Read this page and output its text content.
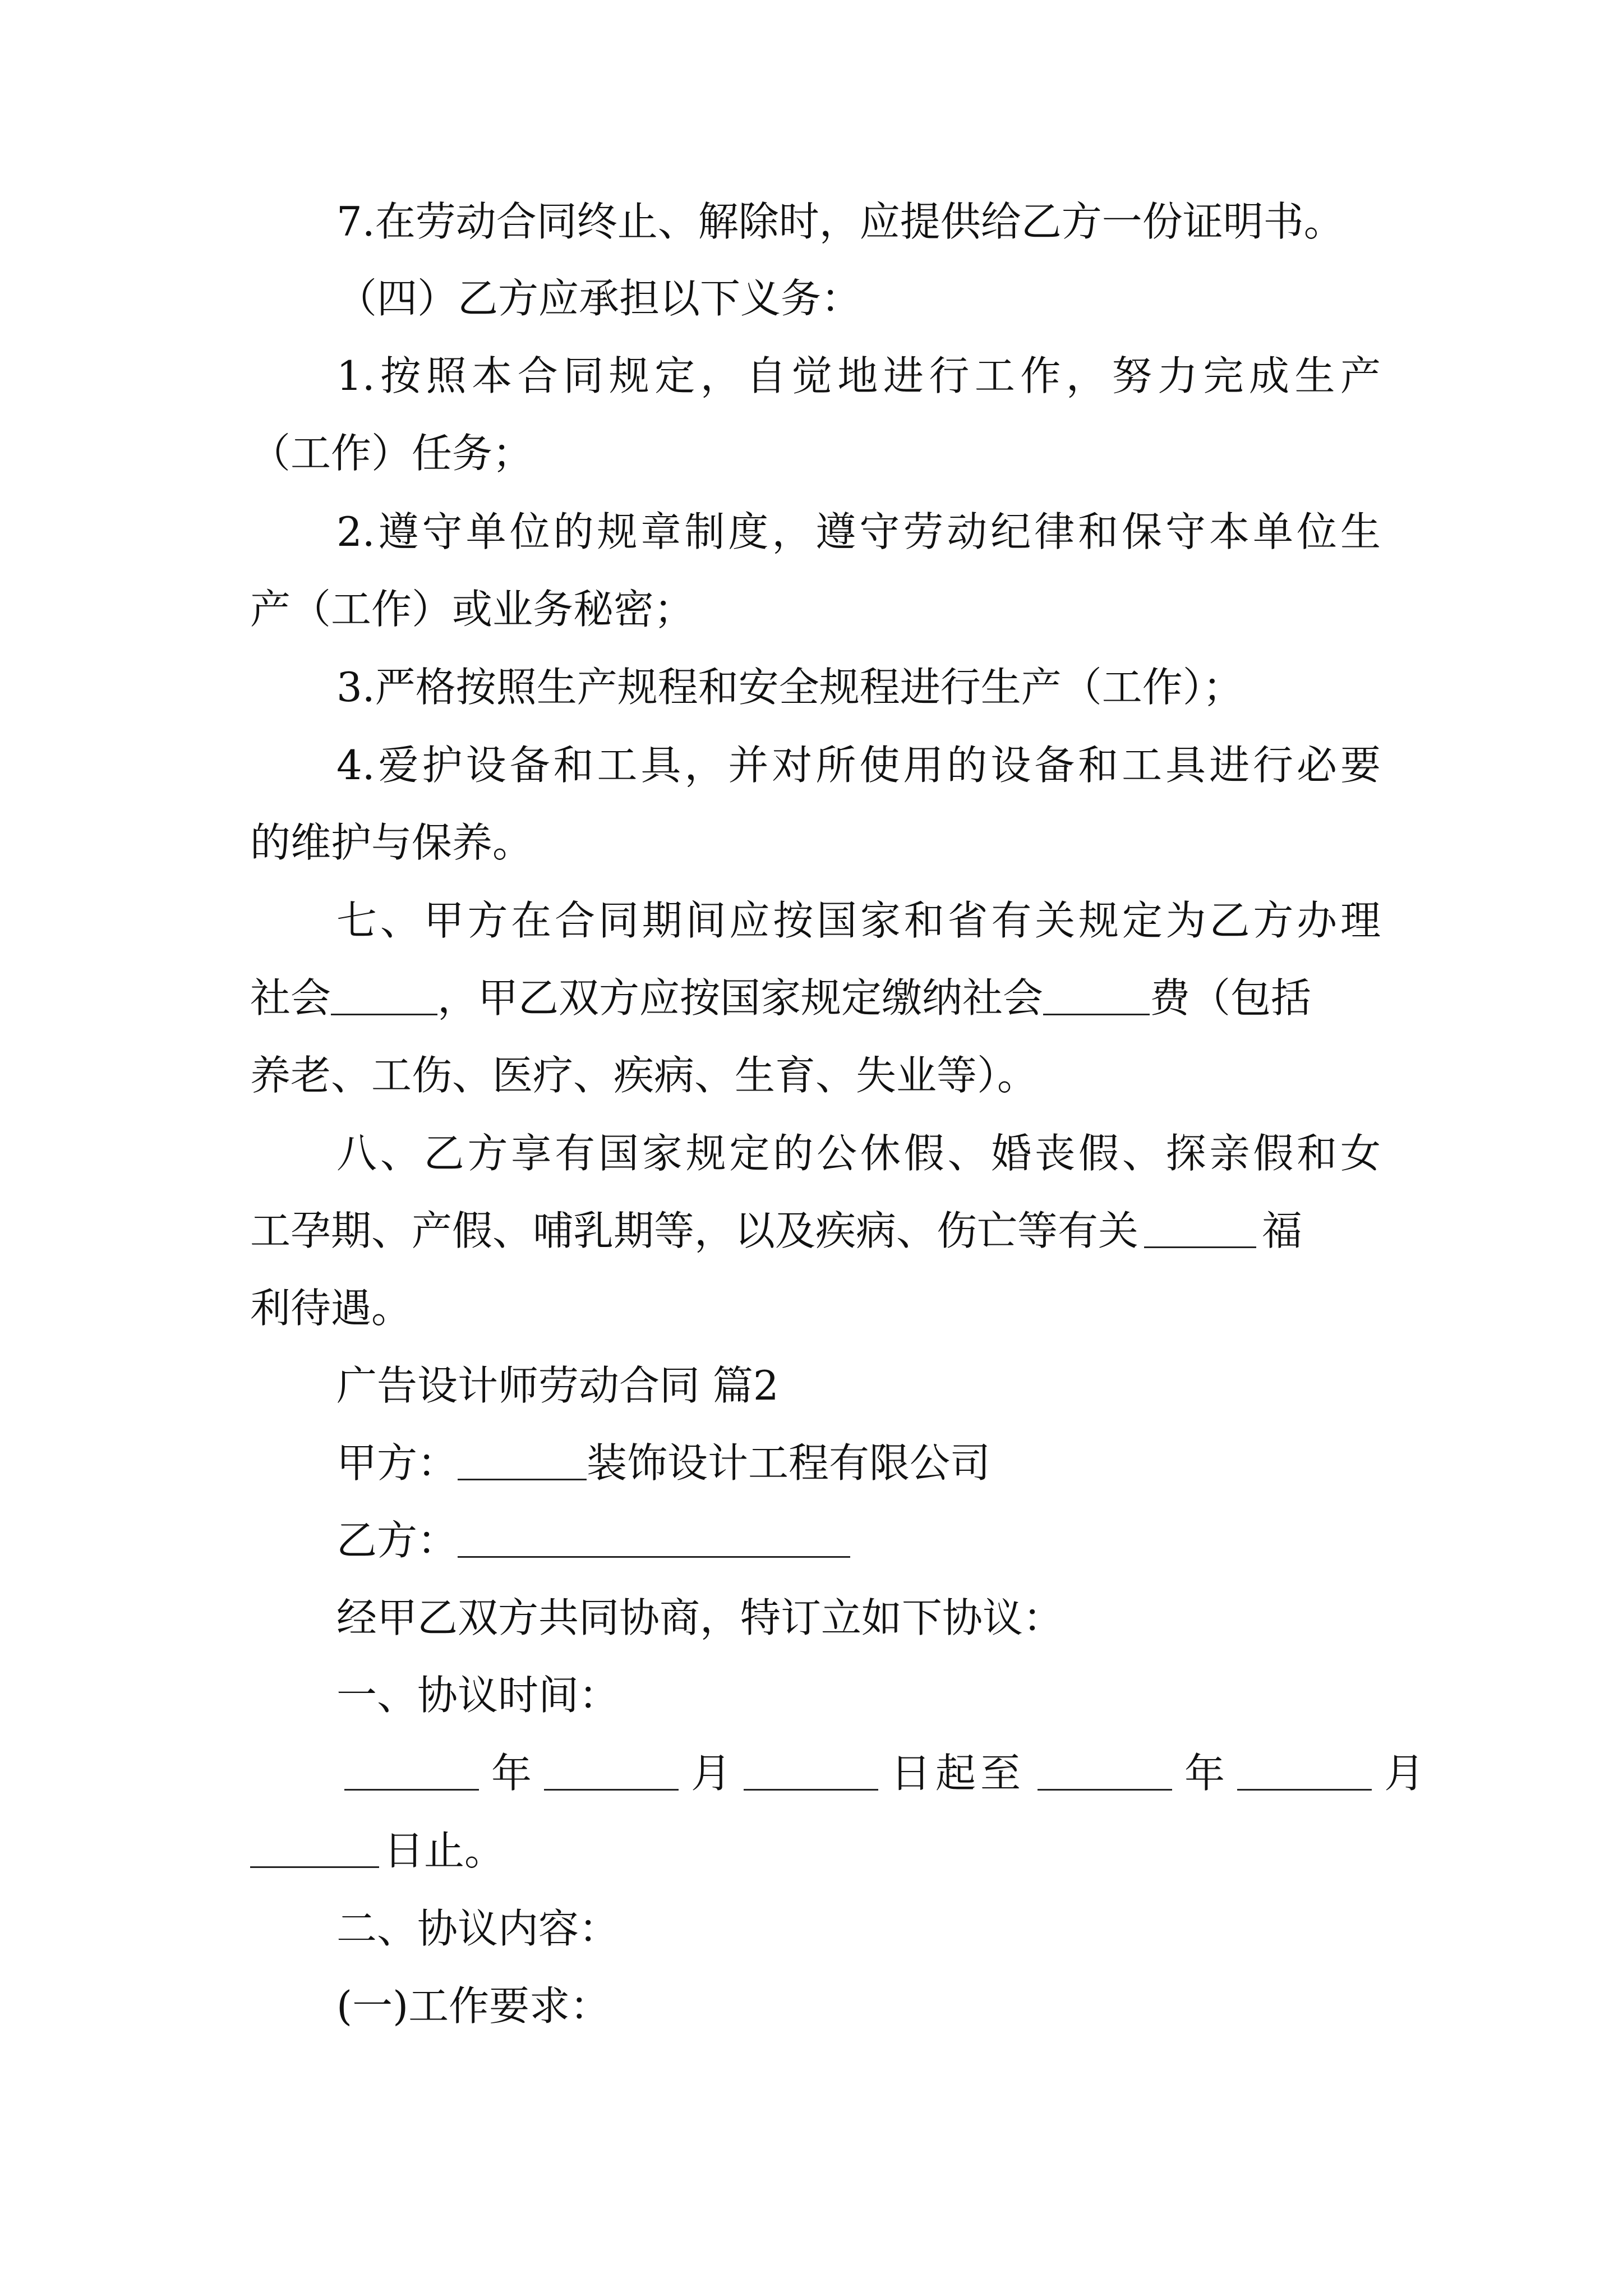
7.在劳动合同终止、解除时，应提供给乙方一份证明书。
（四）乙方应承担以下义务：
1.按照本合同规定，自觉地进行工作，努力完成生产
（工作）任务；
2.遵守单位的规章制度，遵守劳动纪律和保守本单位生
产（工作）或业务秘密；
3.严格按照生产规程和安全规程进行生产（工作）；
4.爱护设备和工具，并对所使用的设备和工具进行必要
的维护与保养。
七、甲方在合同期间应按国家和省有关规定为乙方办理
社会	，甲乙双方应按国家规定缴纳社会	费（包括
养老、工伤、医疗、疾病、生育、失业等）。
八、乙方享有国家规定的公休假、婚丧假、探亲假和女
工孕期、产假、哺乳期等，以及疾病、伤亡等有关	福
利待遇。
广告设计师劳动合同 篇2
甲方：	装饰设计工程有限公司
乙方：
经甲乙双方共同协商，特订立如下协议：
一、协议时间：
年	月	日起至	年	月
日止。
二、协议内容：
(一)工作要求：
